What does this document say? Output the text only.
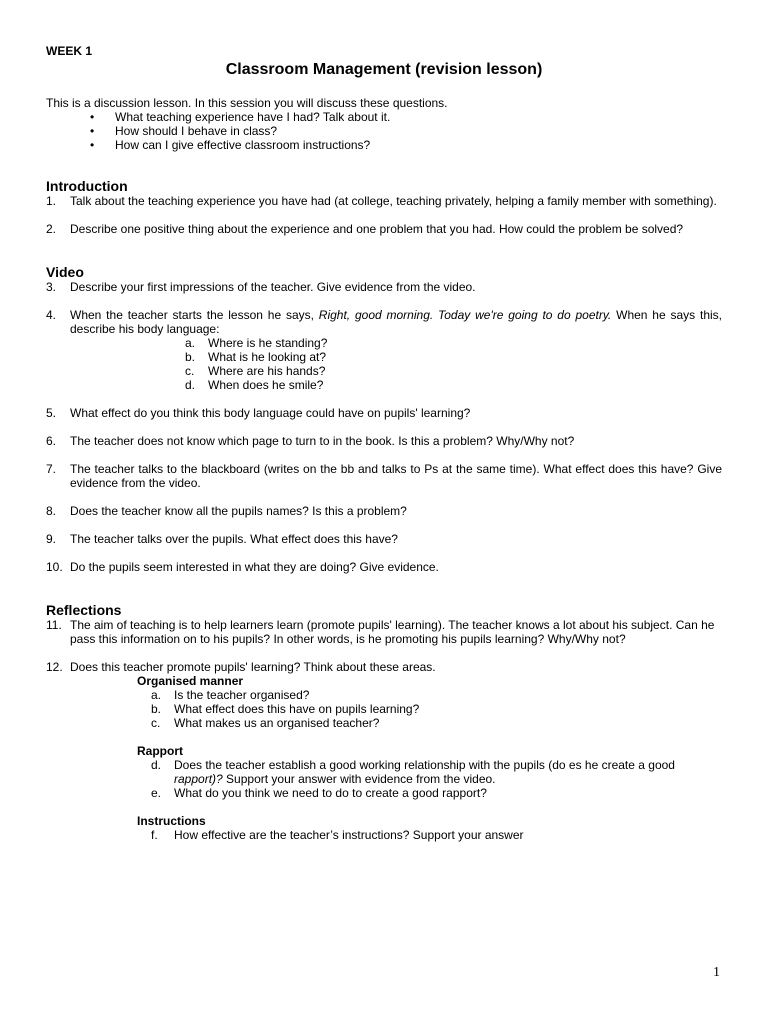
WEEK 1
Classroom Management (revision lesson)
This is a discussion lesson. In this session you will discuss these questions.
• What teaching experience have I had? Talk about it.
• How should I behave in class?
• How can I give effective classroom instructions?
Introduction
1. Talk about the teaching experience you have had (at college, teaching privately, helping a family member with something).
2. Describe one positive thing about the experience and one problem that you had. How could the problem be solved?
Video
3. Describe your first impressions of the teacher. Give evidence from the video.
4. When the teacher starts the lesson he says, Right, good morning. Today we're going to do poetry. When he says this, describe his body language:
a. Where is he standing?
b. What is he looking at?
c. Where are his hands?
d. When does he smile?
5. What effect do you think this body language could have on pupils' learning?
6. The teacher does not know which page to turn to in the book. Is this a problem? Why/Why not?
7. The teacher talks to the blackboard (writes on the bb and talks to Ps at the same time). What effect does this have? Give evidence from the video.
8. Does the teacher know all the pupils names? Is this a problem?
9. The teacher talks over the pupils. What effect does this have?
10. Do the pupils seem interested in what they are doing? Give evidence.
Reflections
11. The aim of teaching is to help learners learn (promote pupils' learning). The teacher knows a lot about his subject. Can he pass this information on to his pupils? In other words, is he promoting his pupils learning? Why/Why not?
12. Does this teacher promote pupils' learning? Think about these areas.
Organised manner
a. Is the teacher organised?
b. What effect does this have on pupils learning?
c. What makes us an organised teacher?
Rapport
d. Does the teacher establish a good working relationship with the pupils (do es he create a good rapport)? Support your answer with evidence from the video.
e. What do you think we need to do to create a good rapport?
Instructions
f. How effective are the teacher’s instructions? Support your answer
1
